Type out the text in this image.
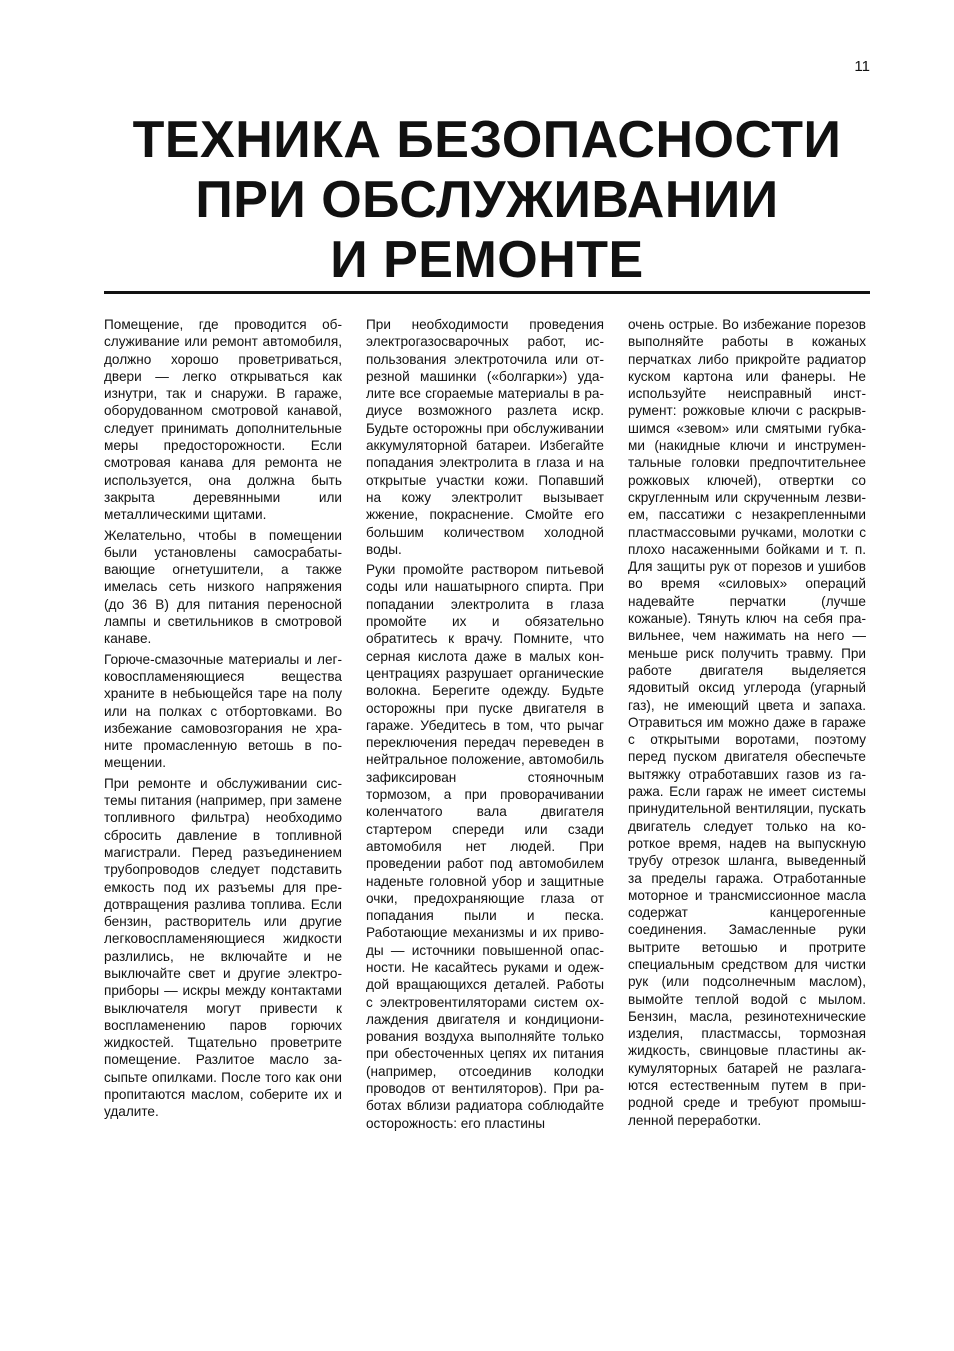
11
ТЕХНИКА БЕЗОПАСНОСТИ
ПРИ ОБСЛУЖИВАНИИ
И РЕМОНТЕ

Помещение, где проводится обслуживание или ремонт автомобиля, должно хорошо проветриваться, двери — легко открываться как изнутри, так и снаружи. В гараже, оборудованном смотровой канавой, следует принимать дополнительные меры предосторожности. Если смотровая канава для ремонта не используется, она должна быть закрыта деревянными или металлическими щитами.

Желательно, чтобы в помещении были установлены самосрабатывающие огнетушители, а также имелась сеть низкого напряжения (до 36 В) для питания переносной лампы и светильников в смотровой канаве.

Горюче-смазочные материалы и легковоспламеняющиеся вещества храните в небьющейся таре на полу или на полках с отбортовками. Во избежание самовозгорания не храните промасленную ветошь в помещении.

При ремонте и обслуживании системы питания (например, при замене топливного фильтра) необходимо сбросить давление в топливной магистрали. Перед разъединением трубопроводов следует подставить емкость под их разъемы для предотвращения разлива топлива. Если бензин, растворитель или другие легковоспламеняющиеся жидкости разлились, не включайте и не выключайте свет и другие электроприборы — искры между контактами выключателя могут привести к воспламенению паров горючих жидкостей. Тщательно проветрите помещение. Разлитое масло засыпьте опилками. После того как они пропитаются маслом, соберите их и удалите.

При необходимости проведения электрогазосварочных работ, использования электроточила или отрезной машинки («болгарки») удалите все сгораемые материалы в радиусе возможного разлета искр. Будьте осторожны при обслуживании аккумуляторной батареи. Избегайте попадания электролита в глаза и на открытые участки кожи. Попавший на кожу электролит вызывает жжение, покраснение. Смойте его большим количеством холодной воды.

Руки промойте раствором питьевой соды или нашатырного спирта. При попадании электролита в глаза промойте их и обязательно обратитесь к врачу. Помните, что серная кислота даже в малых концентрациях разрушает органические волокна. Берегите одежду. Будьте осторожны при пуске двигателя в гараже. Убедитесь в том, что рычаг переключения передач переведен в нейтральное положение, автомобиль зафиксирован стояночным тормозом, а при проворачивании коленчатого вала двигателя стартером спереди или сзади автомобиля нет людей. При проведении работ под автомобилем наденьте головной убор и защитные очки, предохраняющие глаза от попадания пыли и песка. Работающие механизмы и их приводы — источники повышенной опасности. Не касайтесь руками и одеждой вращающихся деталей. Работы с электровентиляторами систем охлаждения двигателя и кондиционирования воздуха выполняйте только при обесточенных цепях их питания (например, отсоединив колодки проводов от вентиляторов). При работах вблизи радиатора соблюдайте осторожность: его пластины

очень острые. Во избежание порезов выполняйте работы в кожаных перчатках либо прикройте радиатор куском картона или фанеры. Не используйте неисправный инструмент: рожковые ключи с раскрывшимся «зевом» или смятыми губками (накидные ключи и инструментальные головки предпочтительнее рожковых ключей), отвертки со скругленным или скрученным лезвием, пассатижи с незакрепленными пластмассовыми ручками, молотки с плохо насаженными бойками и т. п. Для защиты рук от порезов и ушибов во время «силовых» операций надевайте перчатки (лучше кожаные). Тянуть ключ на себя правильнее, чем нажимать на него — меньше риск получить травму. При работе двигателя выделяется ядовитый оксид углерода (угарный газ), не имеющий цвета и запаха. Отравиться им можно даже в гараже с открытыми воротами, поэтому перед пуском двигателя обеспечьте вытяжку отработавших газов из гаража. Если гараж не имеет системы принудительной вентиляции, пускать двигатель следует только на короткое время, надев на выпускную трубу отрезок шланга, выведенный за пределы гаража. Отработанные моторное и трансмиссионное масла содержат канцерогенные соединения. Замасленные руки вытрите ветошью и протрите специальным средством для чистки рук (или подсолнечным маслом), вымойте теплой водой с мылом. Бензин, масла, резинотехнические изделия, пластмассы, тормозная жидкость, свинцовые пластины аккумуляторных батарей не разлагаются естественным путем в природной среде и требуют промышленной переработки.
